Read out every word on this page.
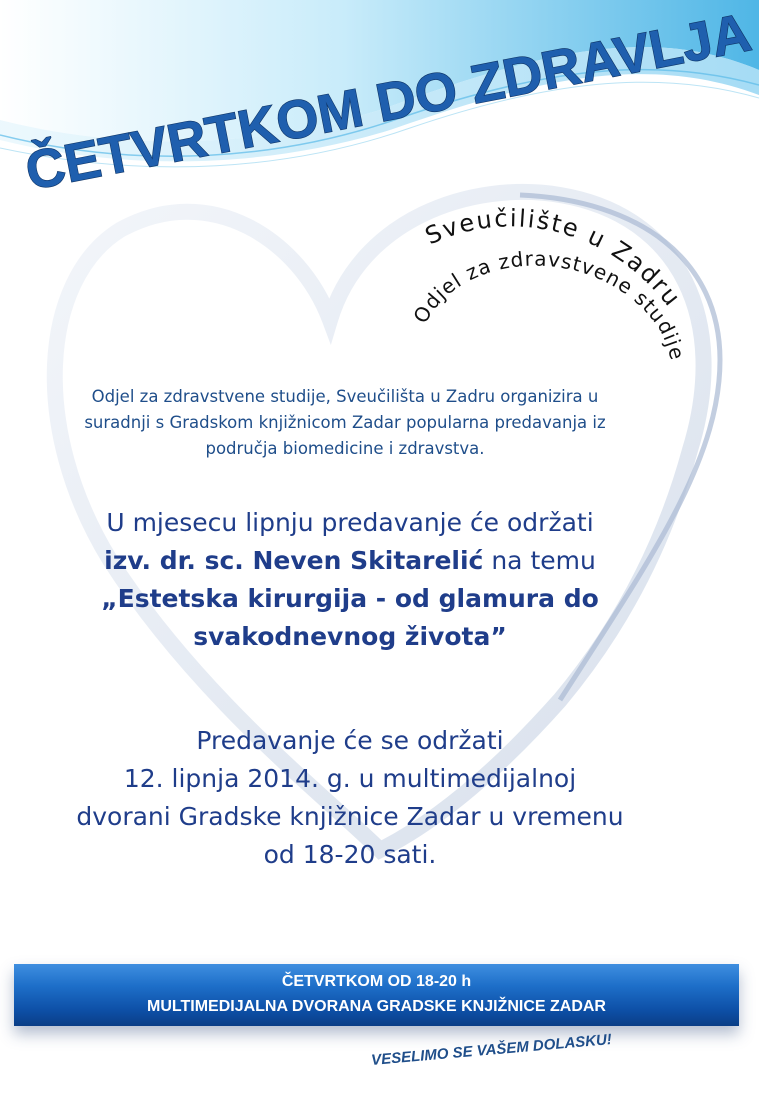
ČETVRTKOM DO ZDRAVLJA
Sveučilište u Zadru
Odjel za zdravstvene studije

Odjel za zdravstvene studije, Sveučilišta u Zadru organizira u

suradnji s Gradskom knjižnicom Zadar popularna predavanja iz

područja biomedicine i zdravstva.

U mjesecu lipnju predavanje će održati

izv. dr. sc. Neven Skitarelić na temu

„Estetska kirurgija - od glamura do

svakodnevnog života”

Predavanje će se održati

12. lipnja 2014. g. u multimedijalnoj

dvorani Gradske knjižnice Zadar u vremenu

od 18-20 sati.

ČETVRTKOM OD 18-20 h

MULTIMEDIJALNA DVORANA GRADSKE KNJIŽNICE ZADAR

VESELIMO SE VAŠEM DOLASKU!
